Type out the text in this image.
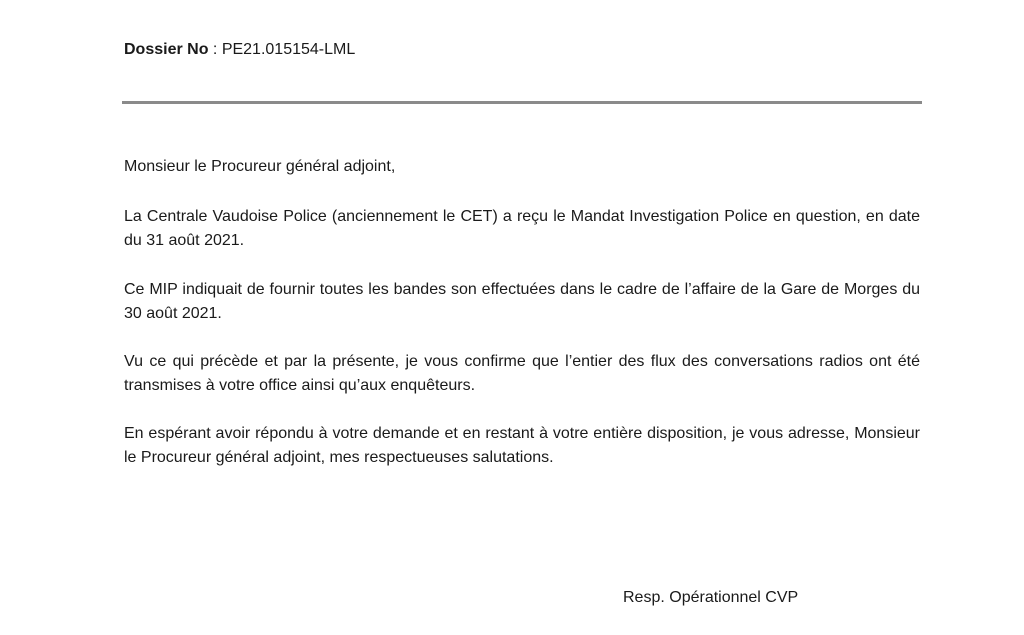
Dossier No : PE21.015154-LML

Monsieur le Procureur général adjoint,

La Centrale Vaudoise Police (anciennement le CET) a reçu le Mandat Investigation Police en question, en date du 31 août 2021.

Ce MIP indiquait de fournir toutes les bandes son effectuées dans le cadre de l’affaire de la Gare de Morges du 30 août 2021.

Vu ce qui précède et par la présente, je vous confirme que l’entier des flux des conversations radios ont été transmises à votre office ainsi qu’aux enquêteurs.

En espérant avoir répondu à votre demande et en restant à votre entière disposition, je vous adresse, Monsieur le Procureur général adjoint, mes respectueuses salutations.

Resp. Opérationnel CVP
